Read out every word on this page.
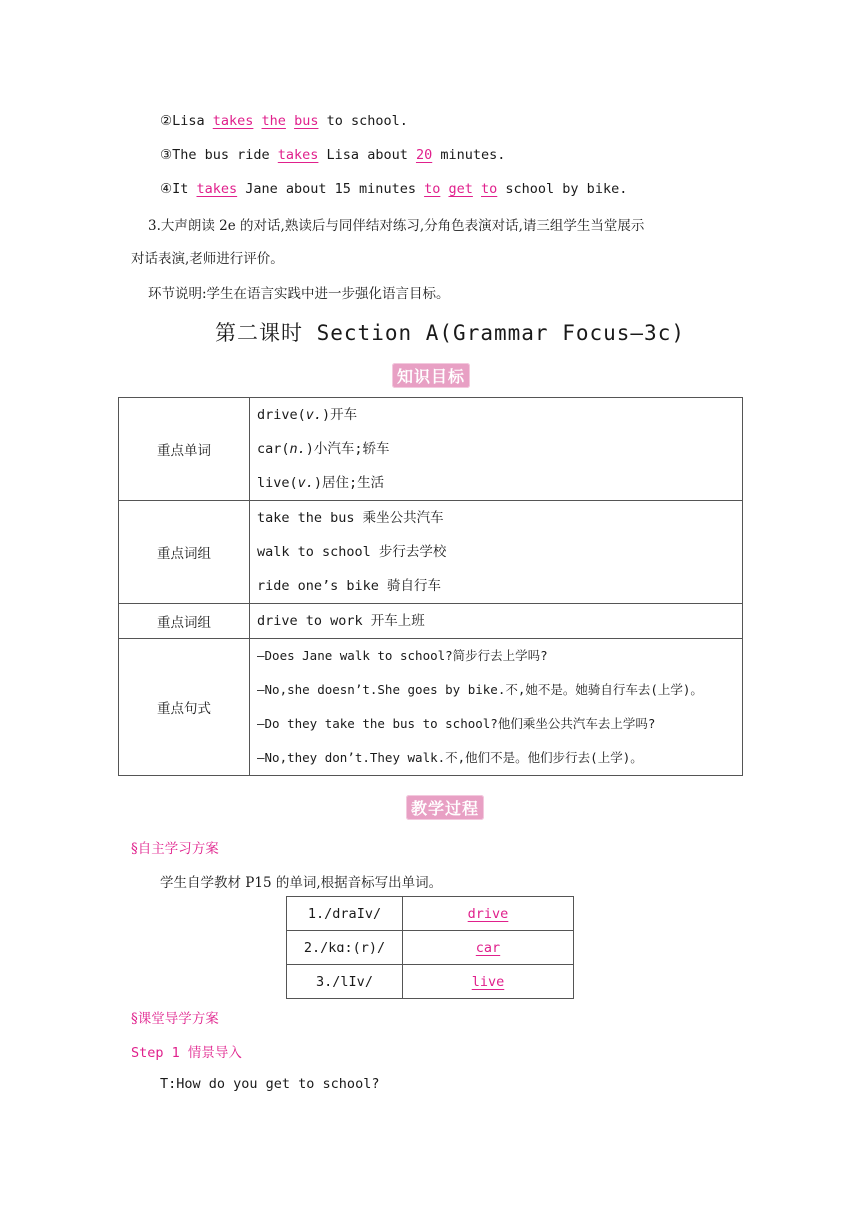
②Lisa takes the bus to school.
③The bus ride takes Lisa about 20 minutes.
④It takes Jane about 15 minutes to get to school by bike.
3.大声朗读 2e 的对话,熟读后与同伴结对练习,分角色表演对话,请三组学生当堂展示
对话表演,老师进行评价。
环节说明:学生在语言实践中进一步强化语言目标。
第二课时 Section A(Grammar Focus—3c)
知识目标
重点单词	drive(v.)开车
car(n.)小汽车;轿车
live(v.)居住;生活

重点词组	take the bus 乘坐公共汽车
walk to school 步行去学校
ride one’s bike 骑自行车

重点词组	drive to work 开车上班

重点句式	—Does Jane walk to school?简步行去上学吗?
—No,she doesn’t.She goes by bike.不,她不是。她骑自行车去(上学)。
—Do they take the bus to school?他们乘坐公共汽车去上学吗?
—No,they don’t.They walk.不,他们不是。他们步行去(上学)。
教学过程
§自主学习方案
学生自学教材 P15 的单词,根据音标写出单词。
1./draIv/	drive
2./kɑ:(r)/	car
3./lIv/	live
§课堂导学方案
Step 1 情景导入
T:How do you get to school?
